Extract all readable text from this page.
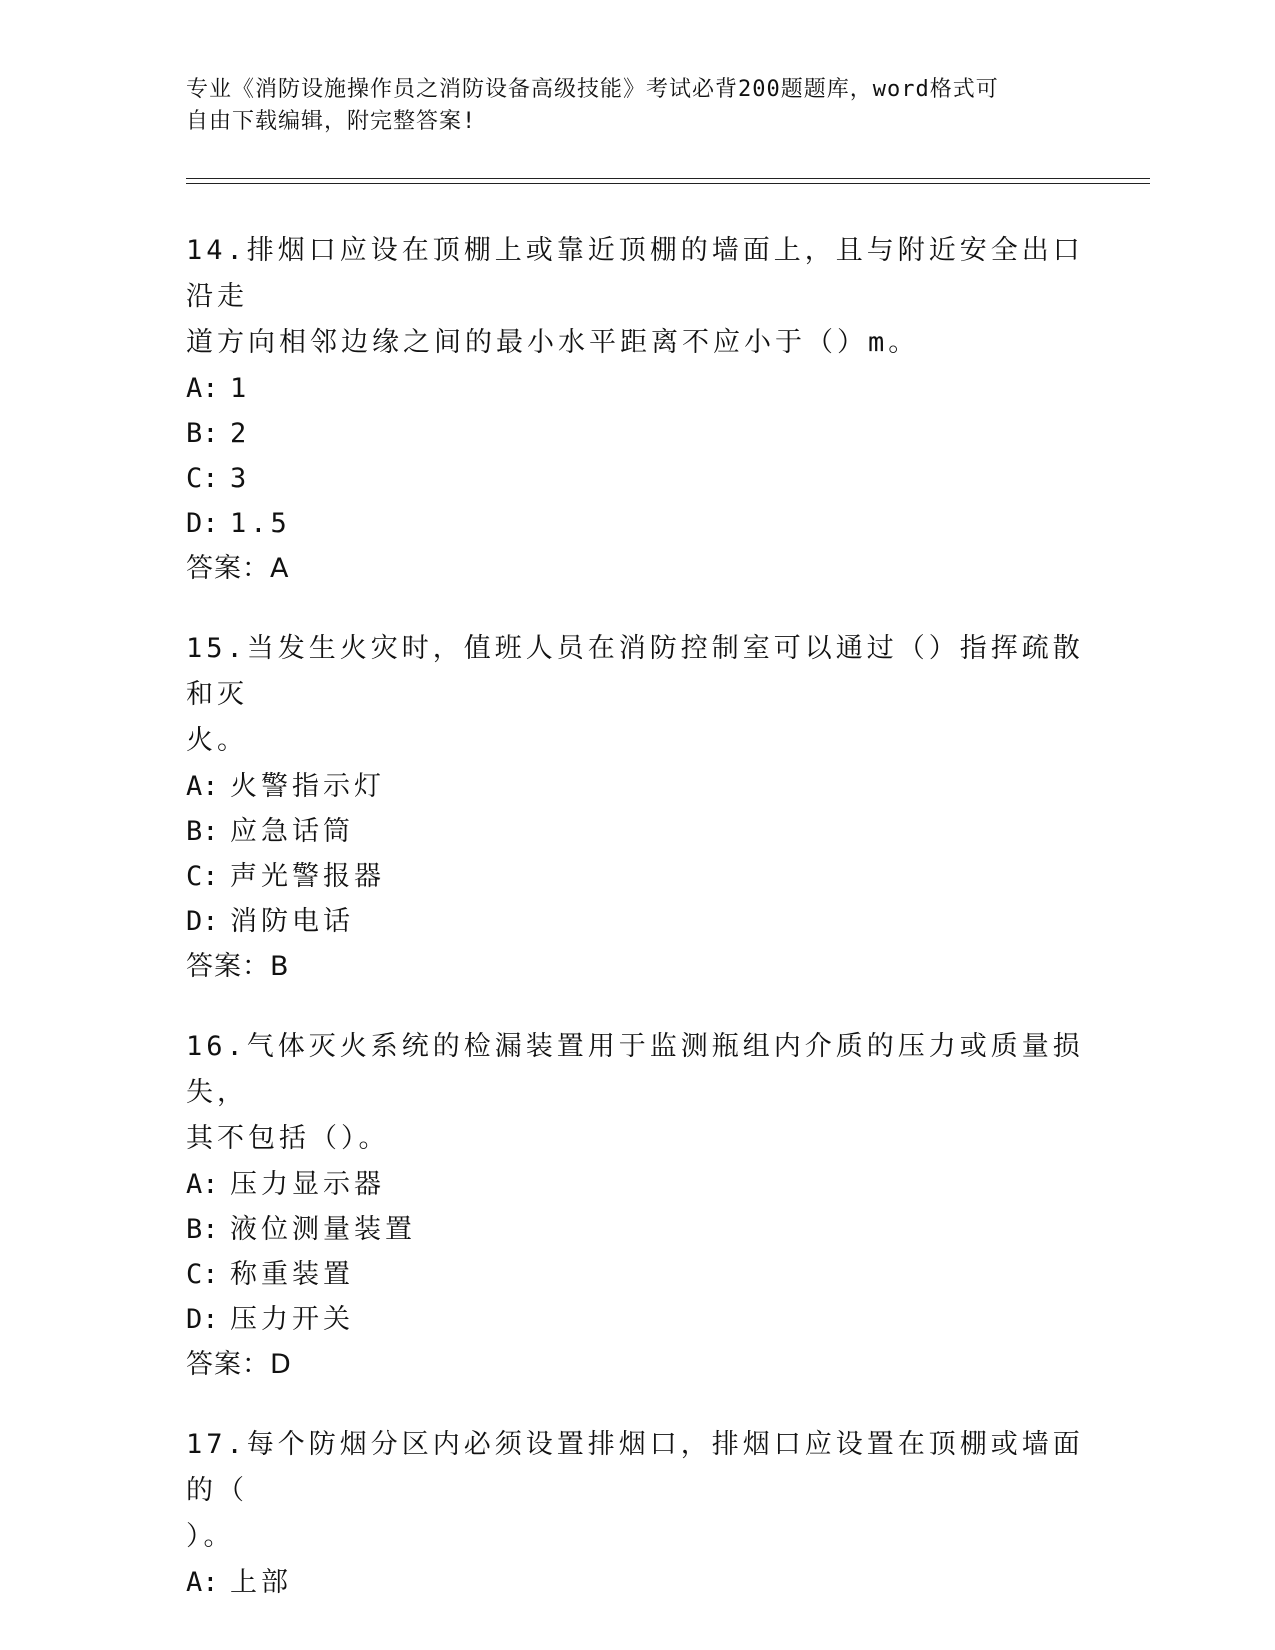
专业《消防设施操作员之消防设备高级技能》考试必背200题题库，word格式可
自由下载编辑，附完整答案!
14.排烟口应设在顶棚上或靠近顶棚的墙面上，且与附近安全出口沿走
道方向相邻边缘之间的最小水平距离不应小于（）m。
A: 1
B: 2
C: 3
D: 1.5
答案：A
15.当发生火灾时，值班人员在消防控制室可以通过（）指挥疏散和灭
火。
A: 火警指示灯
B: 应急话筒
C: 声光警报器
D: 消防电话
答案：B
16.气体灭火系统的检漏装置用于监测瓶组内介质的压力或质量损失，
其不包括（）。
A: 压力显示器
B: 液位测量装置
C: 称重装置
D: 压力开关
答案：D
17.每个防烟分区内必须设置排烟口，排烟口应设置在顶棚或墙面的（
）。
A: 上部
